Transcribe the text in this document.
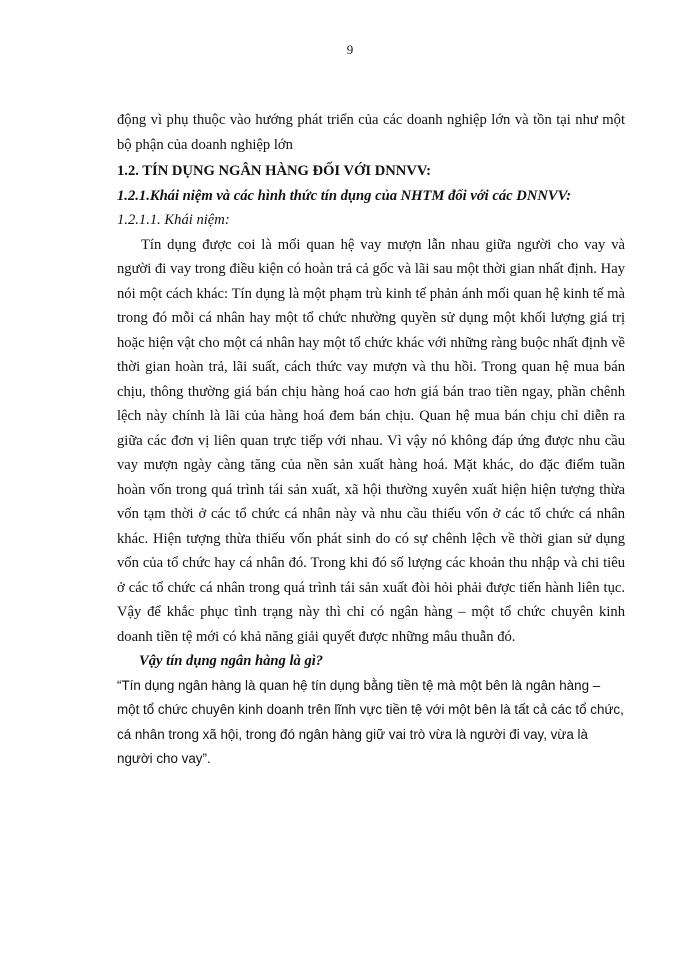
9

động vì phụ thuộc vào hướng phát triển của các doanh nghiệp lớn và tồn tại như một bộ phận của doanh nghiệp lớn

1.2. TÍN DỤNG NGÂN HÀNG ĐỐI VỚI DNNVV:

1.2.1.Khái niệm và các hình thức tín dụng của NHTM đối với các DNNVV:

1.2.1.1. Khái niệm:

Tín dụng được coi là mối quan hệ vay mượn lẫn nhau giữa người cho vay và người đi vay trong điều kiện có hoàn trả cả gốc và lãi sau một thời gian nhất định. Hay nói một cách khác: Tín dụng là một phạm trù kinh tế phản ánh mối quan hệ kinh tế mà trong đó mỗi cá nhân hay một tổ chức nhường quyền sử dụng một khối lượng giá trị hoặc hiện vật cho một cá nhân hay một tổ chức khác với những ràng buộc nhất định về thời gian hoàn trả, lãi suất, cách thức vay mượn và thu hồi. Trong quan hệ mua bán chịu, thông thường giá bán chịu hàng hoá cao hơn giá bán trao tiền ngay, phần chênh lệch này chính là lãi của hàng hoá đem bán chịu. Quan hệ mua bán chịu chỉ diễn ra giữa các đơn vị liên quan trực tiếp với nhau. Vì vậy nó không đáp ứng được nhu cầu vay mượn ngày càng tăng của nền sản xuất hàng hoá. Mặt khác, do đặc điểm tuần hoàn vốn trong quá trình tái sản xuất, xã hội thường xuyên xuất hiện hiện tượng thừa vốn tạm thời ở các tổ chức cá nhân này và nhu cầu thiếu vốn ở các tổ chức cá nhân khác. Hiện tượng thừa thiếu vốn phát sinh do có sự chênh lệch về thời gian sử dụng vốn của tổ chức hay cá nhân đó. Trong khi đó số lượng các khoản thu nhập và chi tiêu ở các tổ chức cá nhân trong quá trình tái sản xuất đòi hỏi phải được tiến hành liên tục. Vậy để khắc phục tình trạng này thì chỉ có ngân hàng – một tổ chức chuyên kinh doanh tiền tệ mới có khả năng giải quyết được những mâu thuẫn đó.

Vậy tín dụng ngân hàng là gì?

“Tín dụng ngân hàng là quan hệ tín dụng bằng tiền tệ mà một bên là ngân hàng – một tổ chức chuyên kinh doanh trên lĩnh vực tiền tệ với một bên là tất cả các tổ chức, cá nhân trong xã hội, trong đó ngân hàng giữ vai trò vừa là người đi vay, vừa là người cho vay”.
